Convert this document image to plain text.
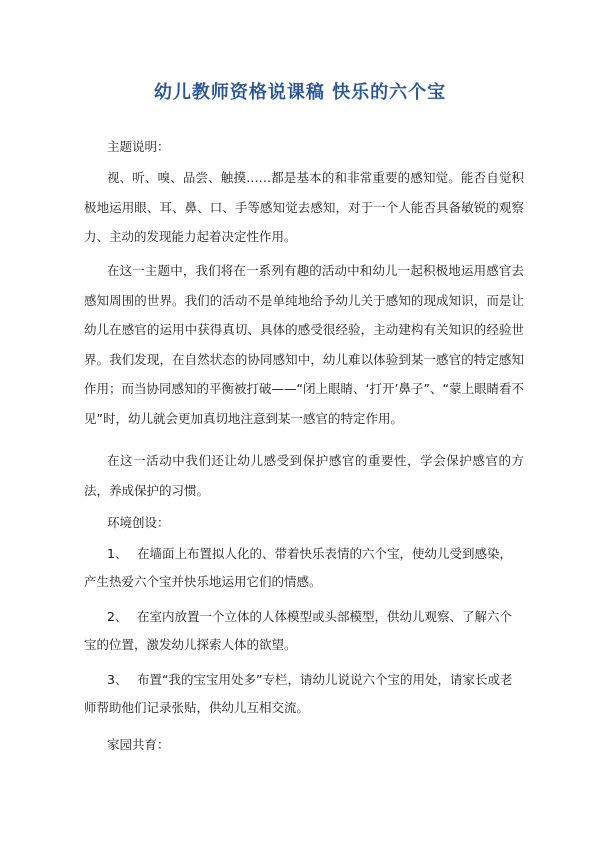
幼儿教师资格说课稿 快乐的六个宝
主题说明：

视、听、嗅、品尝、触摸……都是基本的和非常重要的感知觉。能否自觉积极地运用眼、耳、鼻、口、手等感知觉去感知，对于一个人能否具备敏锐的观察力、主动的发现能力起着决定性作用。

在这一主题中，我们将在一系列有趣的活动中和幼儿一起积极地运用感官去感知周围的世界。我们的活动不是单纯地给予幼儿关于感知的现成知识，而是让幼儿在感官的运用中获得真切、具体的感受很经验，主动建构有关知识的经验世界。我们发现，在自然状态的协同感知中，幼儿难以体验到某一感官的特定感知作用；而当协同感知的平衡被打破——“闭上眼睛、‘打开’鼻子”、“蒙上眼睛看不见”时，幼儿就会更加真切地注意到某一感官的特定作用。

在这一活动中我们还让幼儿感受到保护感官的重要性，学会保护感官的方法，养成保护的习惯。

环境创设：

1、 在墙面上布置拟人化的、带着快乐表情的六个宝，使幼儿受到感染，产生热爱六个宝并快乐地运用它们的情感。

2、 在室内放置一个立体的人体模型或头部模型，供幼儿观察、了解六个宝的位置，激发幼儿探索人体的欲望。

3、 布置“我的宝宝用处多”专栏，请幼儿说说六个宝的用处，请家长或老师帮助他们记录张贴，供幼儿互相交流。

家园共育：
